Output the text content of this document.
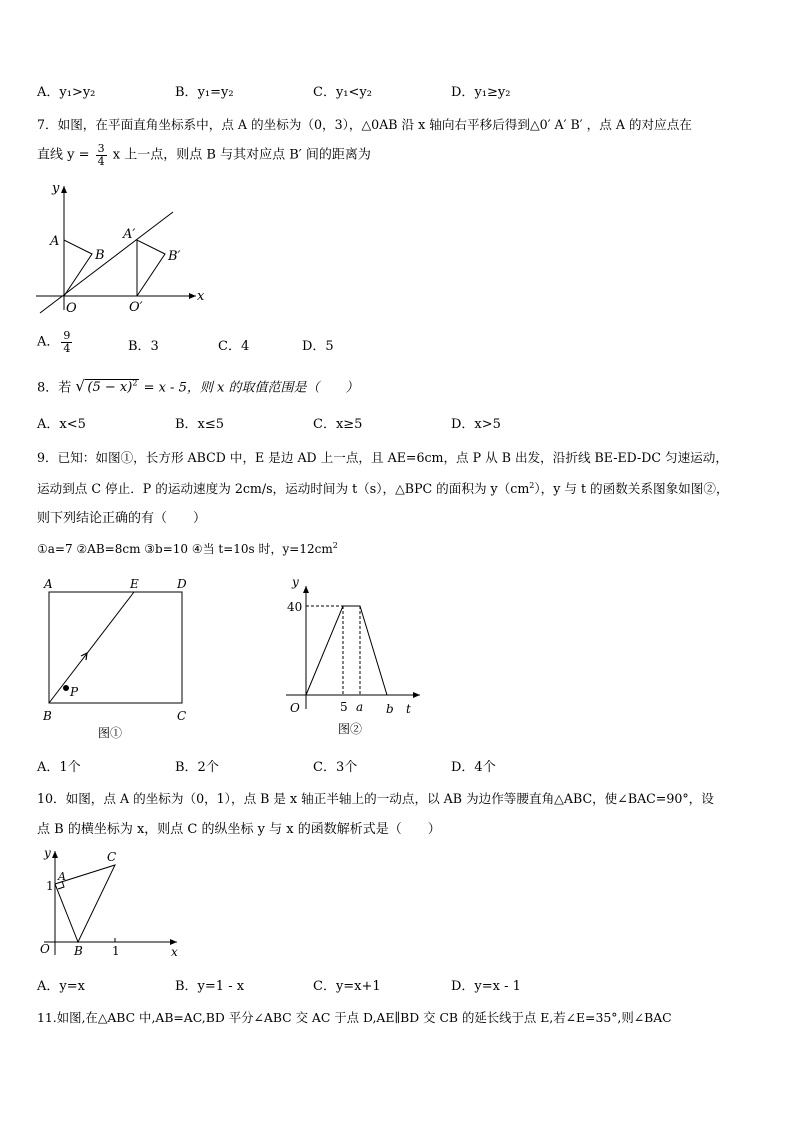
A．y₁>y₂	B．y₁=y₂	C．y₁<y₂	D．y₁≥y₂
7．如图，在平面直角坐标系中，点 A 的坐标为（0，3），△0AB 沿 x 轴向右平移后得到△0′ A′ B′ ，点 A 的对应点在
直线 $y = \frac{3}{4}$ x 上一点，则点 B 与其对应点 B′ 间的距离为
y
x
O
A
B
A′
B′
O′
A． $\frac{9}{4}$	B．3	C．4	D．5
8．若 √ $(5 - x)^2 = x - 5$，则 x 的取值范围是（　　）
A．x<5	B．x≤5	C．x≥5	D．x>5
9．已知：如图①，长方形 ABCD 中，E 是边 AD 上一点，且 AE=6cm，点 P 从 B 出发，沿折线 BE-ED-DC 匀速运动，
运动到点 C 停止．P 的运动速度为 2cm/s，运动时间为 t（s），△BPC 的面积为 $y(cm^2)$，y 与 t 的函数关系图象如图②，
则下列结论正确的有（　　）
①a=7 ②AB=8cm ③b=10 ④当 t=10s 时，$y=12cm^2$
A	E	D
B	C
P
图①
y
40
O	5 a b t
图②
A．1个	B．2个	C．3个	D．4个
10．如图，点 A 的坐标为（0，1），点 B 是 x 轴正半轴上的一动点，以 AB 为边作等腰直角△ABC，使∠BAC=90°，设
点 B 的横坐标为 x，则点 C 的纵坐标 y 与 x 的函数解析式是（　　）
y	C
1
A
O B 1	x
A．y=x	B．y=1 - x	C．y=x+1	D．y=x - 1
11.如图,在△ABC 中,AB=AC,BD 平分∠ABC 交 AC 于点 D,AE∥BD 交 CB 的延长线于点 E,若∠E=35°,则∠BAC
